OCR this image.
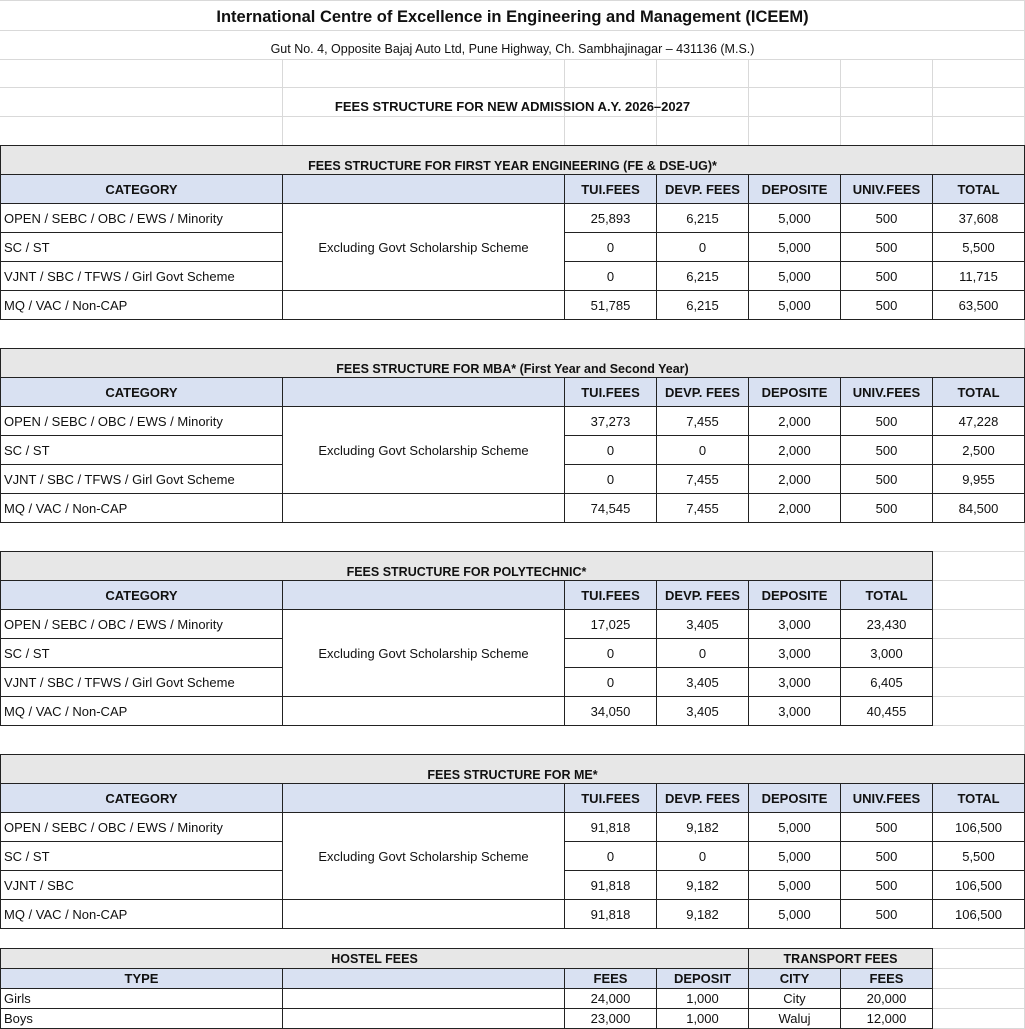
International Centre of Excellence in Engineering and Management (ICEEM)
Gut No. 4, Opposite Bajaj Auto Ltd, Pune Highway, Ch. Sambhajinagar – 431136 (M.S.)
FEES STRUCTURE FOR NEW ADMISSION A.Y. 2026–2027
FEES STRUCTURE FOR FIRST YEAR ENGINEERING (FE & DSE-UG)*
CATEGORY	TUI.FEES	DEVP. FEES	DEPOSITE	UNIV.FEES	TOTAL
OPEN / SEBC / OBC / EWS / Minority	25,893	6,215	5,000	500	37,608
SC / ST	0	0	5,000	500	5,500
VJNT / SBC / TFWS / Girl Govt Scheme	0	6,215	5,000	500	11,715
MQ / VAC / Non-CAP	51,785	6,215	5,000	500	63,500
Excluding Govt Scholarship Scheme
FEES STRUCTURE FOR MBA* (First Year and Second Year)
CATEGORY	TUI.FEES	DEVP. FEES	DEPOSITE	UNIV.FEES	TOTAL
OPEN / SEBC / OBC / EWS / Minority	37,273	7,455	2,000	500	47,228
SC / ST	0	0	2,000	500	2,500
VJNT / SBC / TFWS / Girl Govt Scheme	0	7,455	2,000	500	9,955
MQ / VAC / Non-CAP	74,545	7,455	2,000	500	84,500
Excluding Govt Scholarship Scheme
FEES STRUCTURE FOR POLYTECHNIC*
CATEGORY	TUI.FEES	DEVP. FEES	DEPOSITE	TOTAL
OPEN / SEBC / OBC / EWS / Minority	17,025	3,405	3,000	23,430
SC / ST	0	0	3,000	3,000
VJNT / SBC / TFWS / Girl Govt Scheme	0	3,405	3,000	6,405
MQ / VAC / Non-CAP	34,050	3,405	3,000	40,455
Excluding Govt Scholarship Scheme
FEES STRUCTURE FOR ME*
CATEGORY	TUI.FEES	DEVP. FEES	DEPOSITE	UNIV.FEES	TOTAL
OPEN / SEBC / OBC / EWS / Minority	91,818	9,182	5,000	500	106,500
SC / ST	0	0	5,000	500	5,500
VJNT / SBC	91,818	9,182	5,000	500	106,500
MQ / VAC / Non-CAP	91,818	9,182	5,000	500	106,500
Excluding Govt Scholarship Scheme
HOSTEL FEES	TRANSPORT FEES
TYPE	FEES	DEPOSIT	CITY	FEES
Girls	24,000	1,000	City	20,000
Boys	23,000	1,000	Waluj	12,000
